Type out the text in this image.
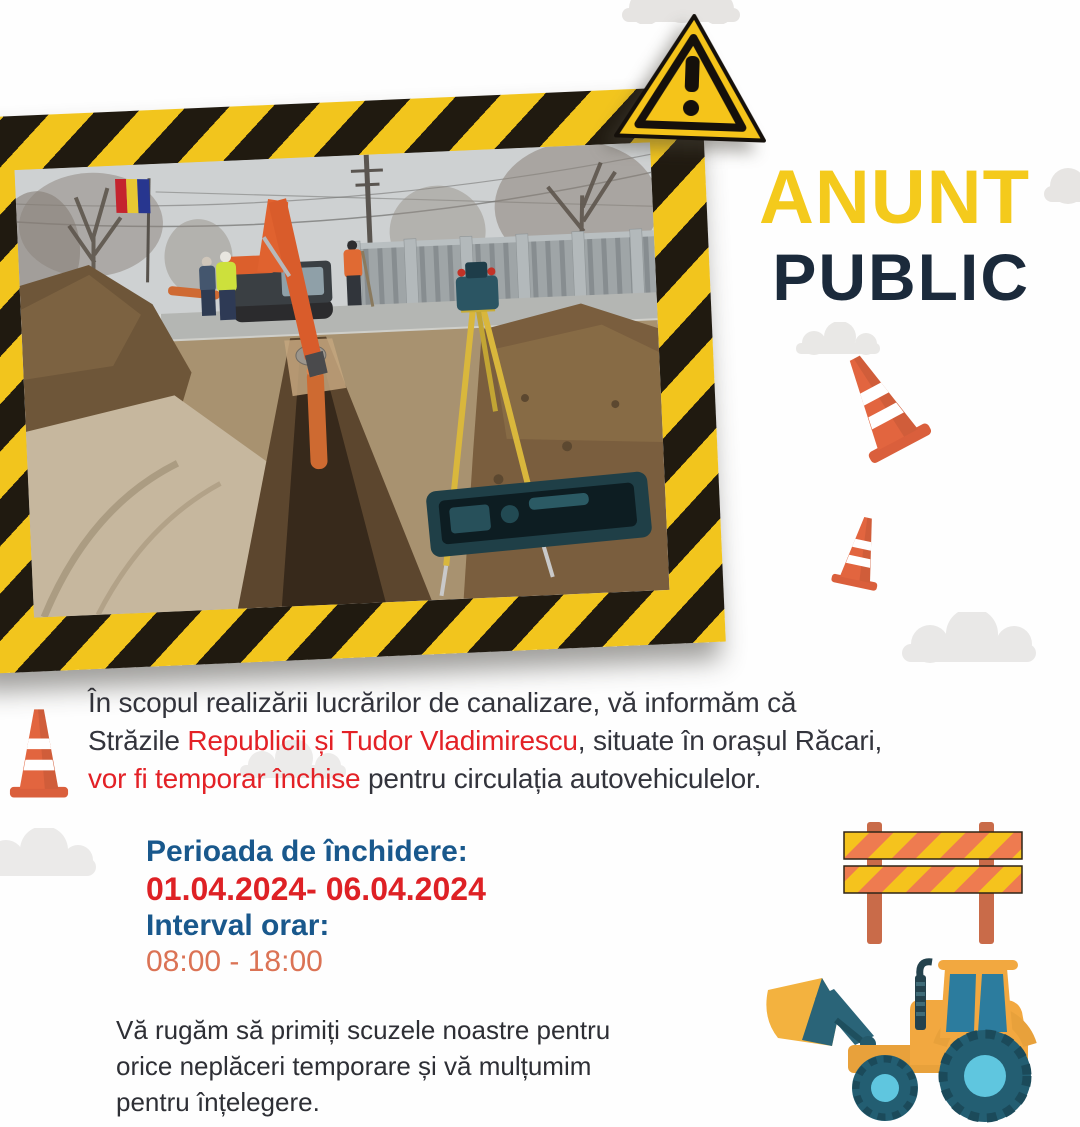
ANUNT
PUBLIC
În scopul realizării lucrărilor de canalizare, vă informăm că
Străzile Republicii și Tudor Vladimirescu, situate în orașul Răcari,
vor fi temporar închise pentru circulația autovehiculelor.
Perioada de închidere:
01.04.2024- 06.04.2024
Interval orar:
08:00 - 18:00
Vă rugăm să primiți scuzele noastre pentru
orice neplăceri temporare și vă mulțumim
pentru înțelegere.
